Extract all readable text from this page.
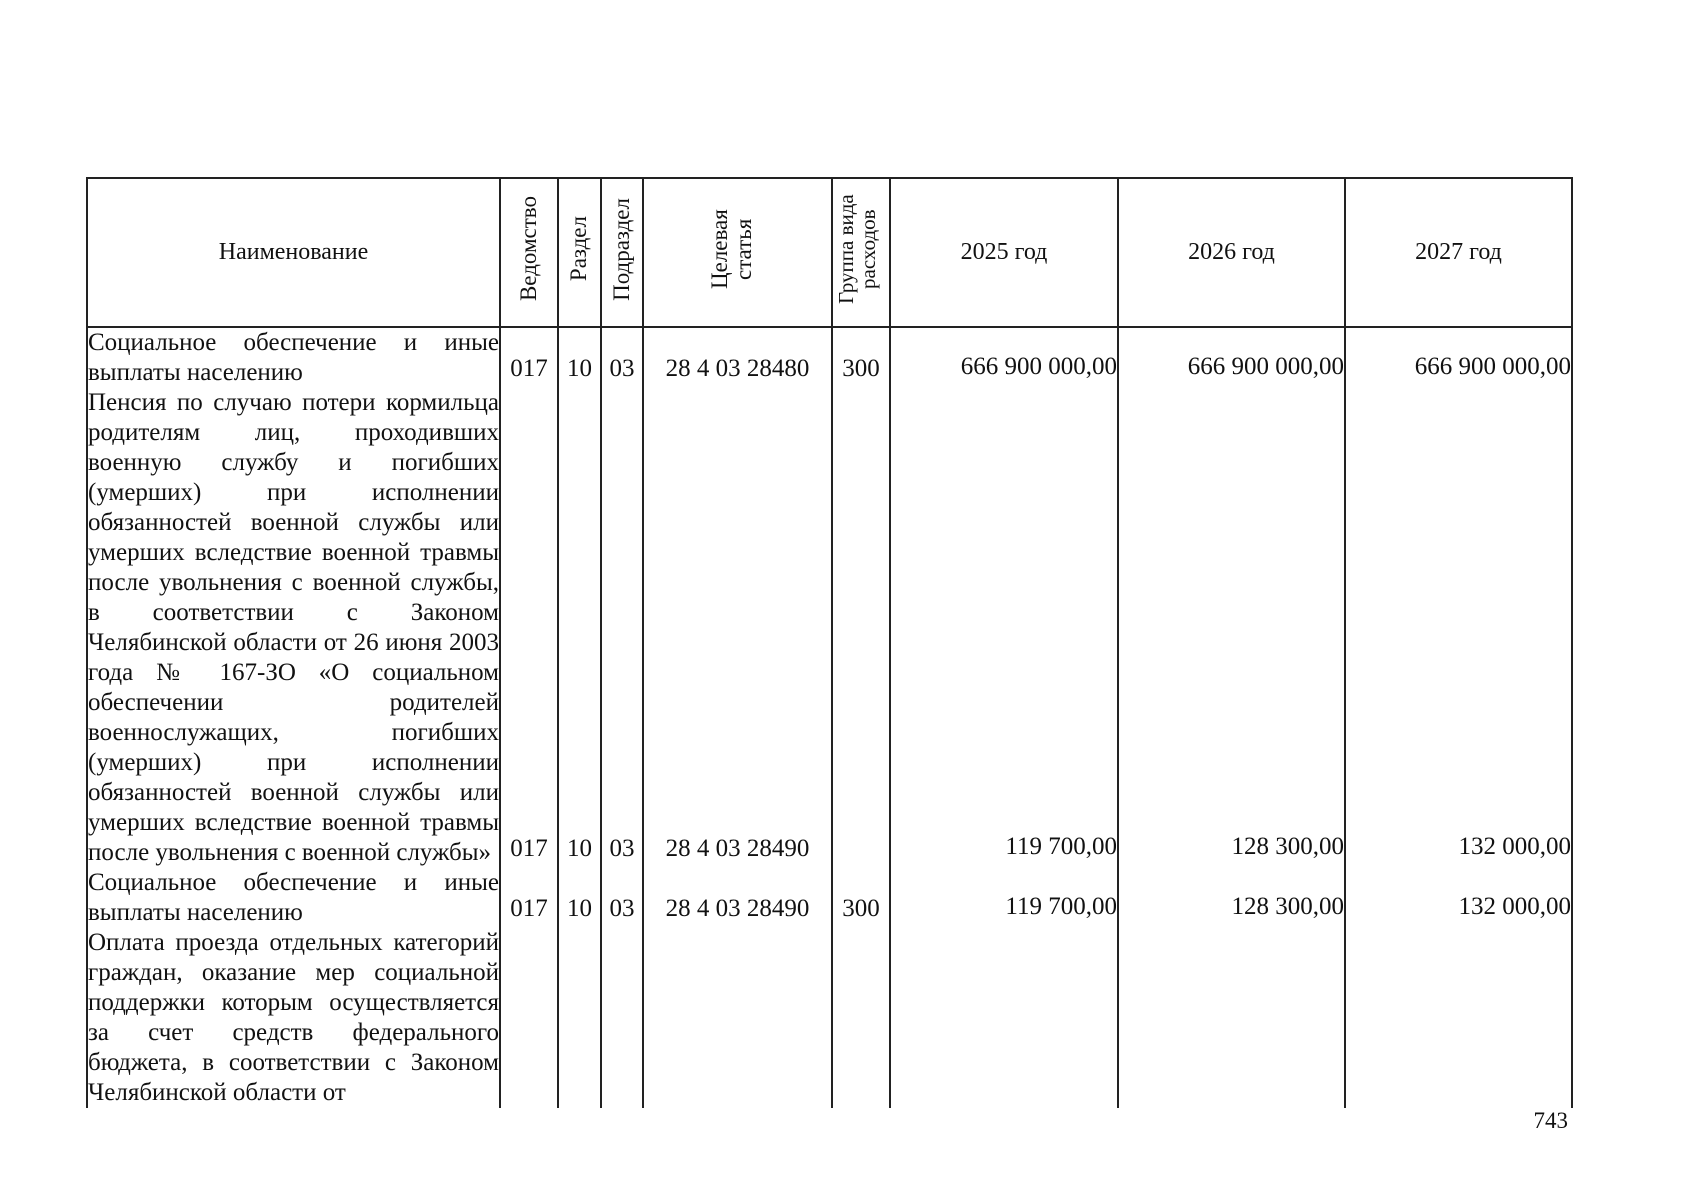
Наименование	Ведомство	Раздел	Подраздел	Целевая статья	Группа вида расходов	2025 год	2026 год	2027 год
Социальное обеспечение и иные выплаты населению	017	10	03	28 4 03 28480	300	666 900 000,00	666 900 000,00	666 900 000,00

Пенсия по случаю потери кормильца родителям лиц, проходивших военную службу и погибших (умерших) при исполнении обязанностей военной службы или умерших вследствие военной травмы после увольнения с военной службы, в соответствии с Законом Челябинской области от 26 июня 2003 года № 167-ЗО «О социальном обеспечении родителей военнослужащих, погибших (умерших) при исполнении обязанностей военной службы или умерших вследствие военной травмы после увольнения с военной службы»	017	10	03	28 4 03 28490		119 700,00	128 300,00	132 000,00

Социальное обеспечение и иные выплаты населению	017	10	03	28 4 03 28490	300	119 700,00	128 300,00	132 000,00

Оплата проезда отдельных категорий граждан, оказание мер социальной поддержки которым осуществляется за счет средств федерального бюджета, в соответствии с Законом Челябинской области от	

743
